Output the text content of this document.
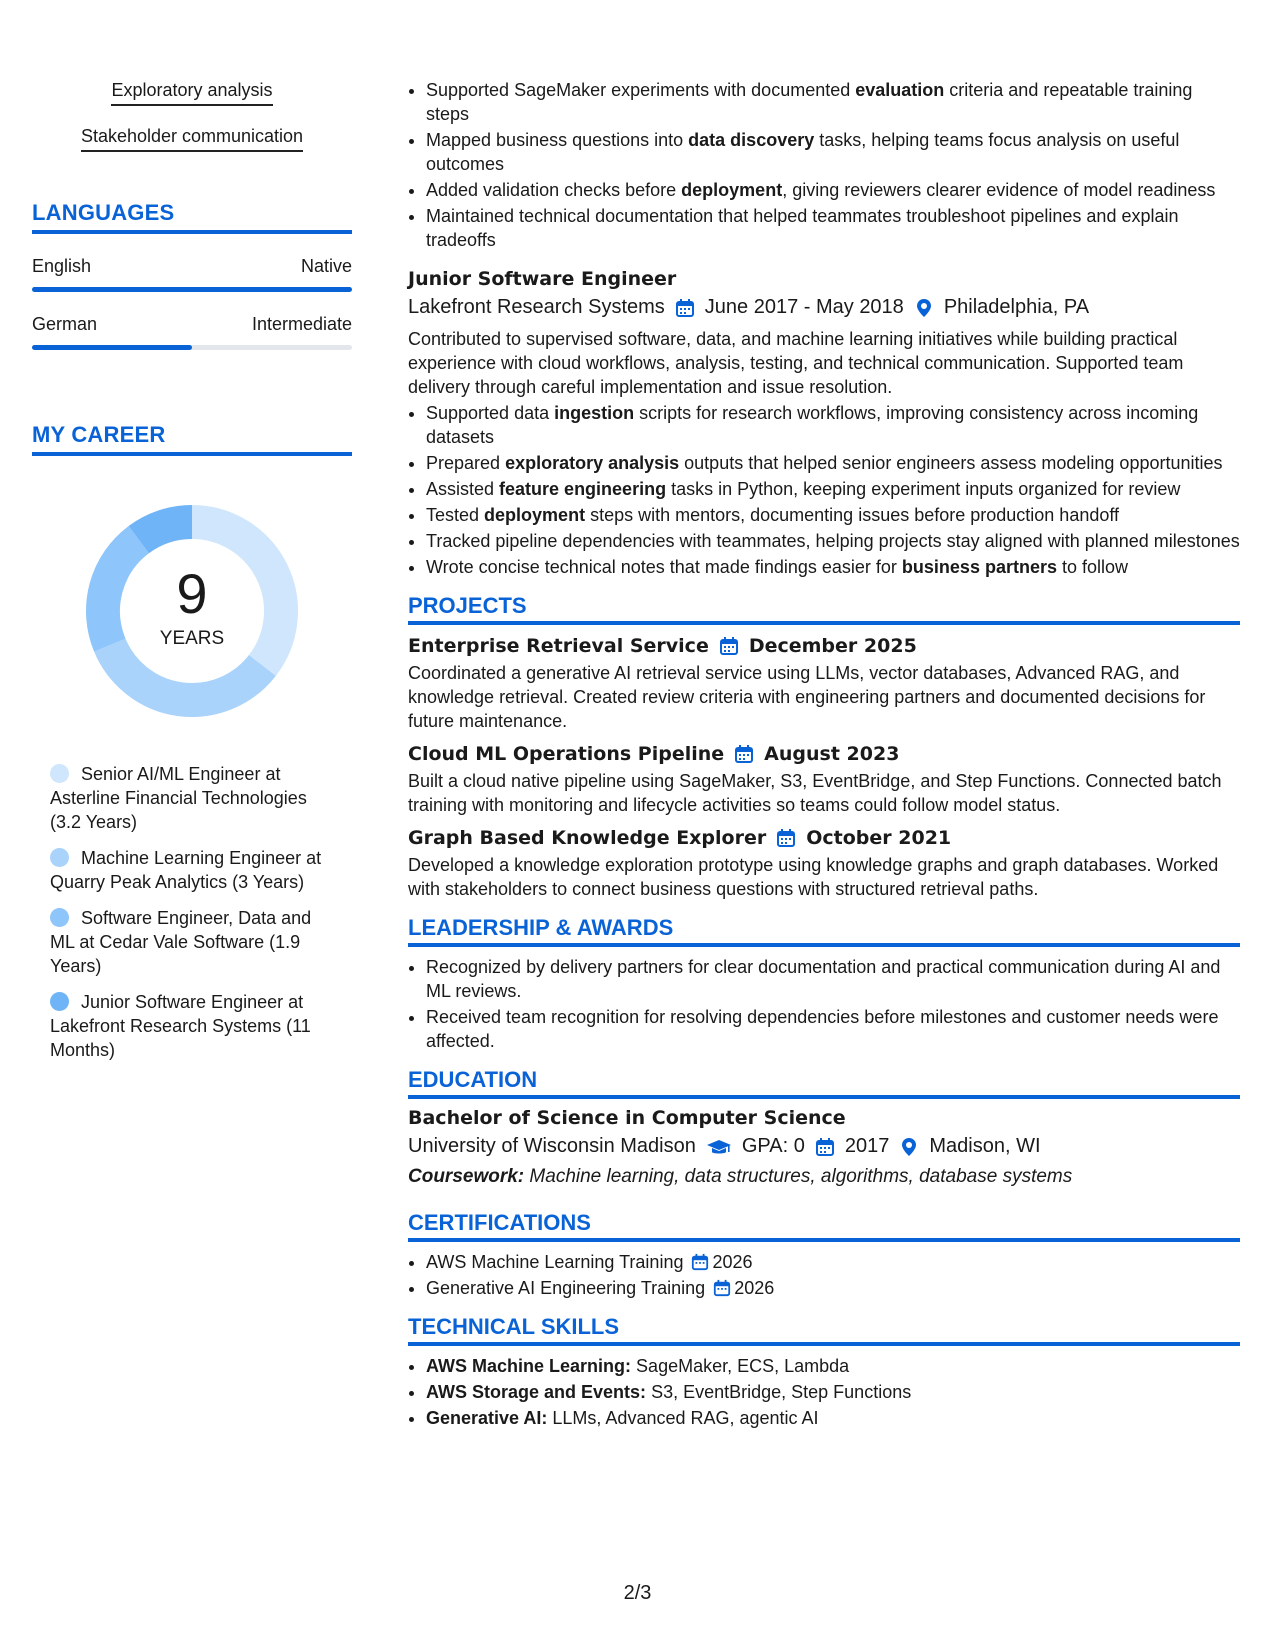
Exploratory analysis
Stakeholder communication
LANGUAGES
English	Native
German	Intermediate
MY CAREER
9
YEARS
Senior AI/ML Engineer at Asterline Financial Technologies (3.2 Years)
Machine Learning Engineer at Quarry Peak Analytics (3 Years)
Software Engineer, Data and ML at Cedar Vale Software (1.9 Years)
Junior Software Engineer at Lakefront Research Systems (11 Months)
• Supported SageMaker experiments with documented evaluation criteria and repeatable training steps
• Mapped business questions into data discovery tasks, helping teams focus analysis on useful outcomes
• Added validation checks before deployment, giving reviewers clearer evidence of model readiness
• Maintained technical documentation that helped teammates troubleshoot pipelines and explain tradeoffs
Junior Software Engineer
Lakefront Research Systems June 2017 - May 2018 Philadelphia, PA
Contributed to supervised software, data, and machine learning initiatives while building practical experience with cloud workflows, analysis, testing, and technical communication. Supported team delivery through careful implementation and issue resolution.
• Supported data ingestion scripts for research workflows, improving consistency across incoming datasets
• Prepared exploratory analysis outputs that helped senior engineers assess modeling opportunities
• Assisted feature engineering tasks in Python, keeping experiment inputs organized for review
• Tested deployment steps with mentors, documenting issues before production handoff
• Tracked pipeline dependencies with teammates, helping projects stay aligned with planned milestones
• Wrote concise technical notes that made findings easier for business partners to follow
PROJECTS
Enterprise Retrieval Service December 2025
Coordinated a generative AI retrieval service using LLMs, vector databases, Advanced RAG, and knowledge retrieval. Created review criteria with engineering partners and documented decisions for future maintenance.
Cloud ML Operations Pipeline August 2023
Built a cloud native pipeline using SageMaker, S3, EventBridge, and Step Functions. Connected batch training with monitoring and lifecycle activities so teams could follow model status.
Graph Based Knowledge Explorer October 2021
Developed a knowledge exploration prototype using knowledge graphs and graph databases. Worked with stakeholders to connect business questions with structured retrieval paths.
LEADERSHIP & AWARDS
• Recognized by delivery partners for clear documentation and practical communication during AI and ML reviews.
• Received team recognition for resolving dependencies before milestones and customer needs were affected.
EDUCATION
Bachelor of Science in Computer Science
University of Wisconsin Madison GPA: 0 2017 Madison, WI
Coursework: Machine learning, data structures, algorithms, database systems
CERTIFICATIONS
• AWS Machine Learning Training 2026
• Generative AI Engineering Training 2026
TECHNICAL SKILLS
• AWS Machine Learning: SageMaker, ECS, Lambda
• AWS Storage and Events: S3, EventBridge, Step Functions
• Generative AI: LLMs, Advanced RAG, agentic AI
2/3
